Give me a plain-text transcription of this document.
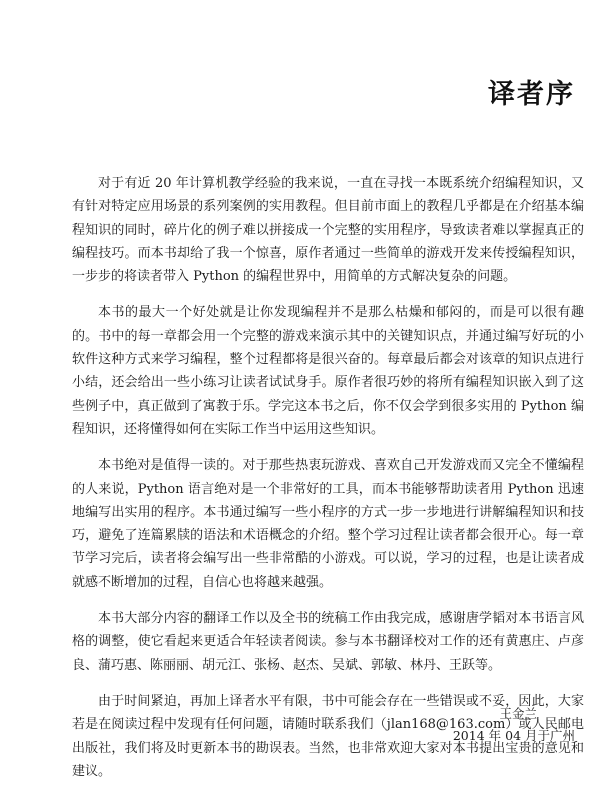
译者序

对于有近 20 年计算机教学经验的我来说，一直在寻找一本既系统介绍编程知识，又有针对特定应用场景的系列案例的实用教程。但目前市面上的教程几乎都是在介绍基本编程知识的同时，碎片化的例子难以拼接成一个完整的实用程序，导致读者难以掌握真正的编程技巧。而本书却给了我一个惊喜，原作者通过一些简单的游戏开发来传授编程知识，一步步的将读者带入 Python 的编程世界中，用简单的方式解决复杂的问题。

本书的最大一个好处就是让你发现编程并不是那么枯燥和郁闷的，而是可以很有趣的。书中的每一章都会用一个完整的游戏来演示其中的关键知识点，并通过编写好玩的小软件这种方式来学习编程，整个过程都将是很兴奋的。每章最后都会对该章的知识点进行小结，还会给出一些小练习让读者试试身手。原作者很巧妙的将所有编程知识嵌入到了这些例子中，真正做到了寓教于乐。学完这本书之后，你不仅会学到很多实用的 Python 编程知识，还将懂得如何在实际工作当中运用这些知识。

本书绝对是值得一读的。对于那些热衷玩游戏、喜欢自己开发游戏而又完全不懂编程的人来说，Python 语言绝对是一个非常好的工具，而本书能够帮助读者用 Python 迅速地编写出实用的程序。本书通过编写一些小程序的方式一步一步地进行讲解编程知识和技巧，避免了连篇累牍的语法和术语概念的介绍。整个学习过程让读者都会很开心。每一章节学习完后，读者将会编写出一些非常酷的小游戏。可以说，学习的过程，也是让读者成就感不断增加的过程，自信心也将越来越强。

本书大部分内容的翻译工作以及全书的统稿工作由我完成，感谢唐学韬对本书语言风格的调整，使它看起来更适合年轻读者阅读。参与本书翻译校对工作的还有黄惠庄、卢彦良、蒲巧惠、陈丽丽、胡元江、张杨、赵杰、吴斌、郭敏、林丹、王跃等。

由于时间紧迫，再加上译者水平有限，书中可能会存在一些错误或不妥，因此，大家若是在阅读过程中发现有任何问题，请随时联系我们（jlan168@163.com）或人民邮电出版社，我们将及时更新本书的勘误表。当然，也非常欢迎大家对本书提出宝贵的意见和建议。

王金兰
2014 年 04 月于广州
